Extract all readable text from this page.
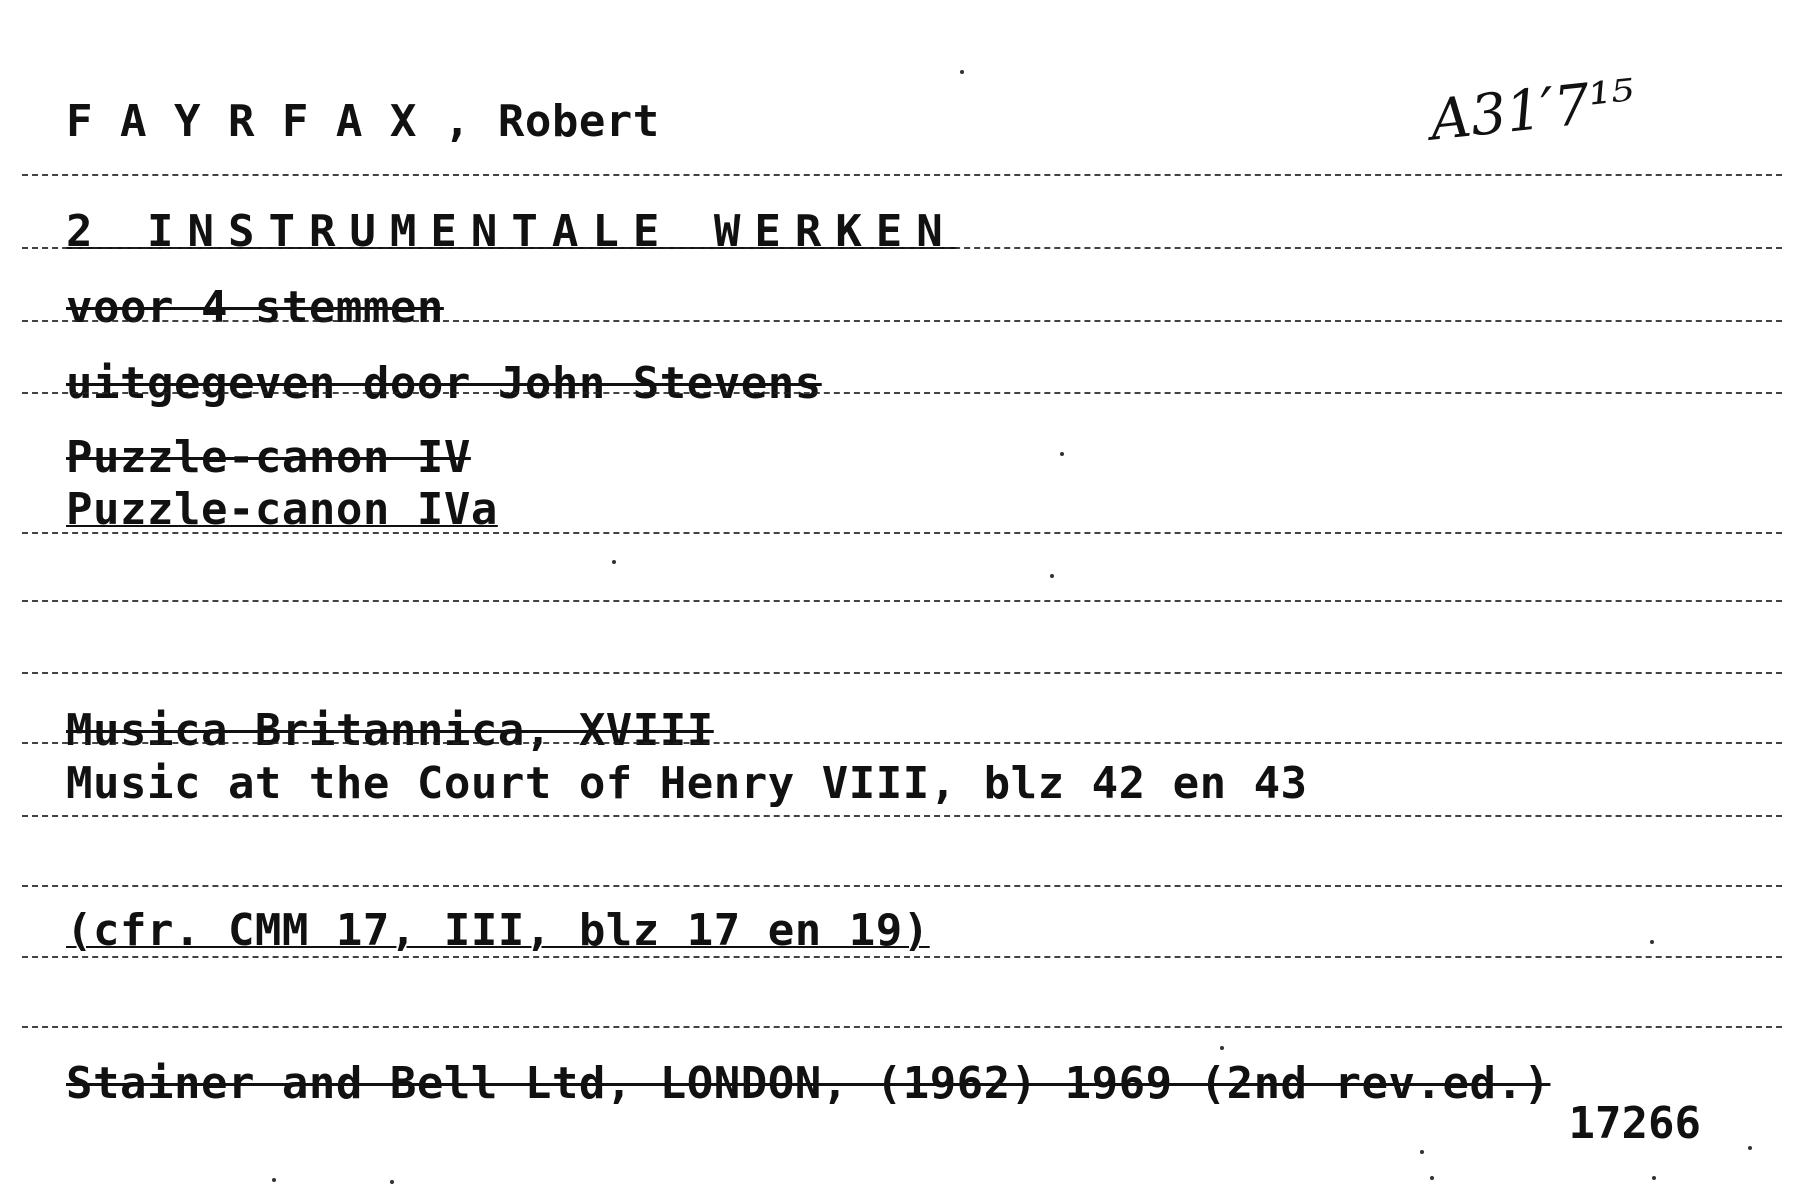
A31′7¹⁵
F A Y R F A X , Robert
2 INSTRUMENTALE WERKEN
voor 4 stemmen
uitgegeven door John Stevens
Puzzle-canon IV
Puzzle-canon IVa
Musica Britannica, XVIII
Music at the Court of Henry VIII, blz 42 en 43
(cfr. CMM 17, III, blz 17 en 19)
Stainer and Bell Ltd, LONDON, (1962) 1969 (2nd rev.ed.)
17266
